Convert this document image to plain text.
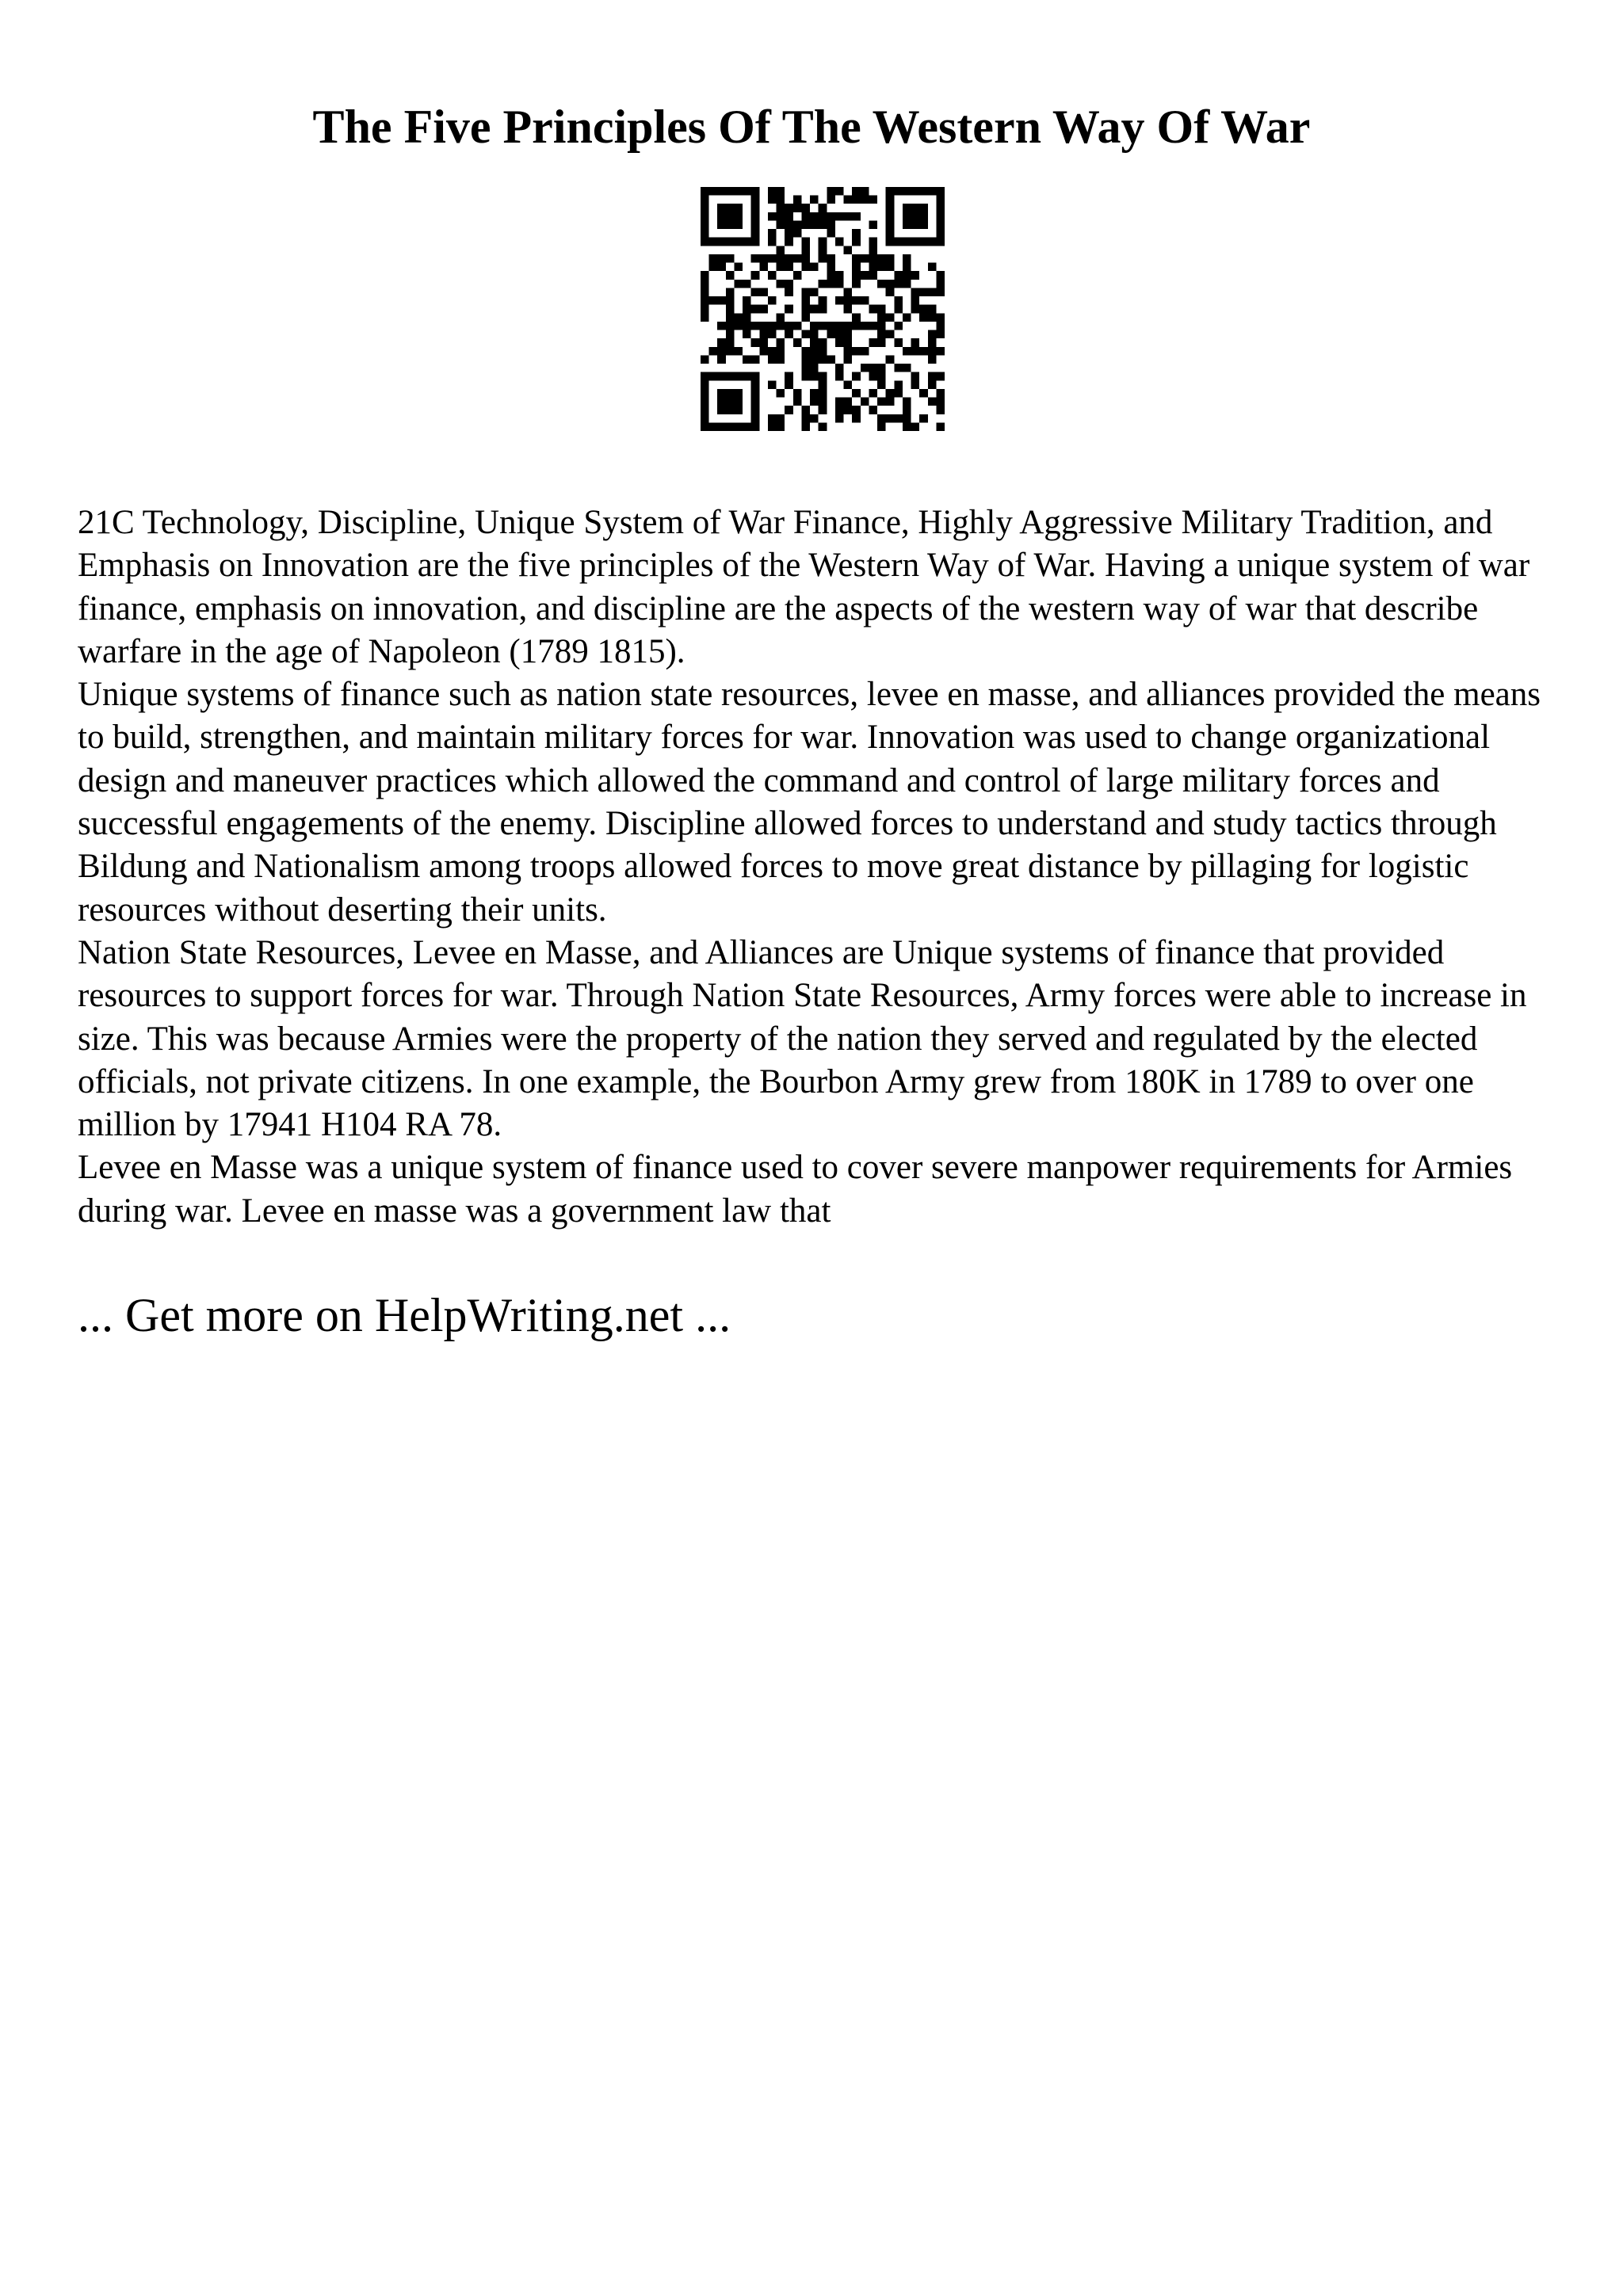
The Five Principles Of The Western Way Of War

21C Technology, Discipline, Unique System of War Finance, Highly Aggressive Military Tradition, and Emphasis on Innovation are the five principles of the Western Way of War. Having a unique system of war finance, emphasis on innovation, and discipline are the aspects of the western way of war that describe warfare in the age of Napoleon (1789 1815).

Unique systems of finance such as nation state resources, levee en masse, and alliances provided the means to build, strengthen, and maintain military forces for war. Innovation was used to change organizational design and maneuver practices which allowed the command and control of large military forces and successful engagements of the enemy. Discipline allowed forces to understand and study tactics through Bildung and Nationalism among troops allowed forces to move great distance by pillaging for logistic resources without deserting their units.

Nation State Resources, Levee en Masse, and Alliances are Unique systems of finance that provided resources to support forces for war. Through Nation State Resources, Army forces were able to increase in size. This was because Armies were the property of the nation they served and regulated by the elected officials, not private citizens. In one example, the Bourbon Army grew from 180K in 1789 to over one million by 17941 H104 RA 78.

Levee en Masse was a unique system of finance used to cover severe manpower requirements for Armies during war. Levee en masse was a government law that

... Get more on HelpWriting.net ...
